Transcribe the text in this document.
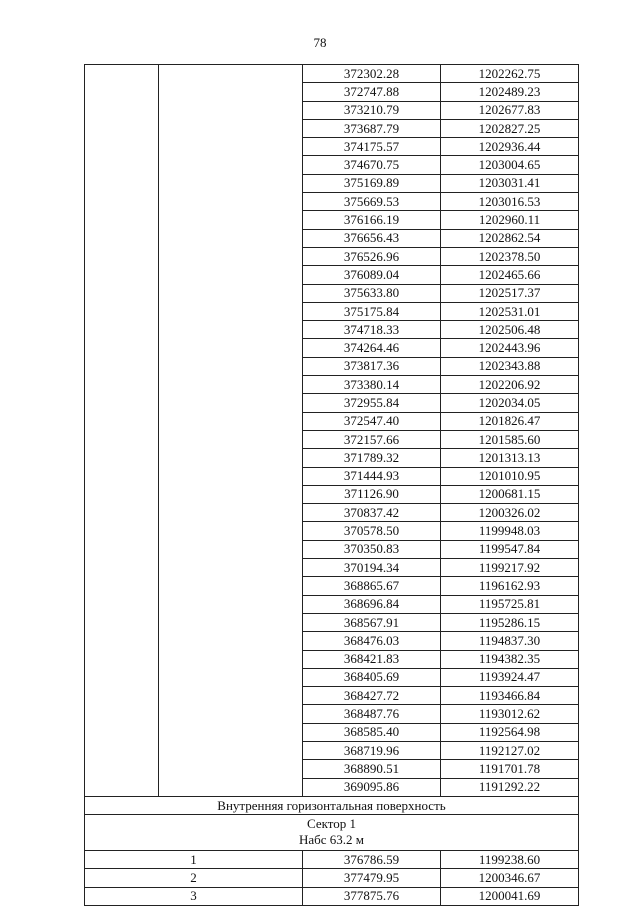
78
		372302.28	1202262.75
		372747.88	1202489.23
		373210.79	1202677.83
		373687.79	1202827.25
		374175.57	1202936.44
		374670.75	1203004.65
		375169.89	1203031.41
		375669.53	1203016.53
		376166.19	1202960.11
		376656.43	1202862.54
		376526.96	1202378.50
		376089.04	1202465.66
		375633.80	1202517.37
		375175.84	1202531.01
		374718.33	1202506.48
		374264.46	1202443.96
		373817.36	1202343.88
		373380.14	1202206.92
		372955.84	1202034.05
		372547.40	1201826.47
		372157.66	1201585.60
		371789.32	1201313.13
		371444.93	1201010.95
		371126.90	1200681.15
		370837.42	1200326.02
		370578.50	1199948.03
		370350.83	1199547.84
		370194.34	1199217.92
		368865.67	1196162.93
		368696.84	1195725.81
		368567.91	1195286.15
		368476.03	1194837.30
		368421.83	1194382.35
		368405.69	1193924.47
		368427.72	1193466.84
		368487.76	1193012.62
		368585.40	1192564.98
		368719.96	1192127.02
		368890.51	1191701.78
		369095.86	1191292.22
Внутренняя горизонтальная поверхность			

Сектор 1
Набс 63.2 м			

1		376786.59	1199238.60
2		377479.95	1200346.67
3		377875.76	1200041.69
